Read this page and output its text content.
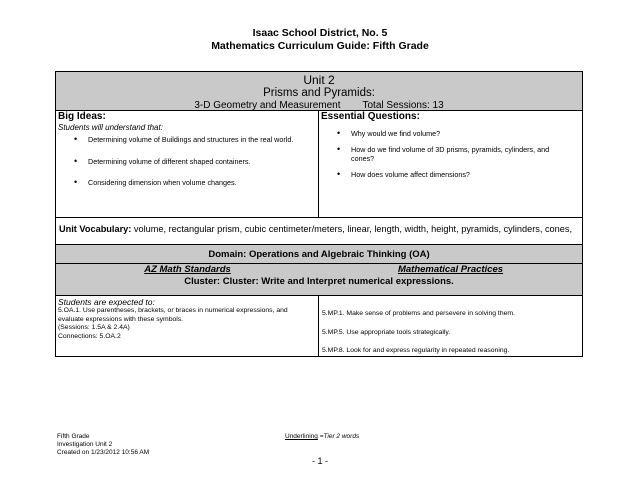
Isaac School District, No. 5
Mathematics Curriculum Guide: Fifth Grade
Unit 2
Prisms and Pyramids:
3-D Geometry and Measurement Total Sessions: 13
Big Ideas:
Students will understand that:
• Determining volume of Buildings and structures in the real world.
• Determining volume of different shaped containers.
• Considering dimension when volume changes.
Essential Questions:
• Why would we find volume?
• How do we find volume of 3D prisms, pyramids, cylinders, and cones?
• How does volume affect dimensions?
Unit Vocabulary: volume, rectangular prism, cubic centimeter/meters, linear, length, width, height, pyramids, cylinders, cones,
Domain: Operations and Algebraic Thinking (OA)
AZ Math Standards	Mathematical Practices
Cluster: Cluster: Write and Interpret numerical expressions.
Students are expected to:
5.OA.1. Use parentheses, brackets, or braces in numerical expressions, and evaluate expressions with these symbols.
(Sessions: 1.5A & 2.4A)
Connections: 5.OA.2
5.MP.1. Make sense of problems and persevere in solving them.
5.MP.5. Use appropriate tools strategically.
5.MP.8. Look for and express regularity in repeated reasoning.
Fifth Grade
Investigation Unit 2
Created on 1/23/2012 10:56 AM
Underlining =Tier 2 words
- 1 -
